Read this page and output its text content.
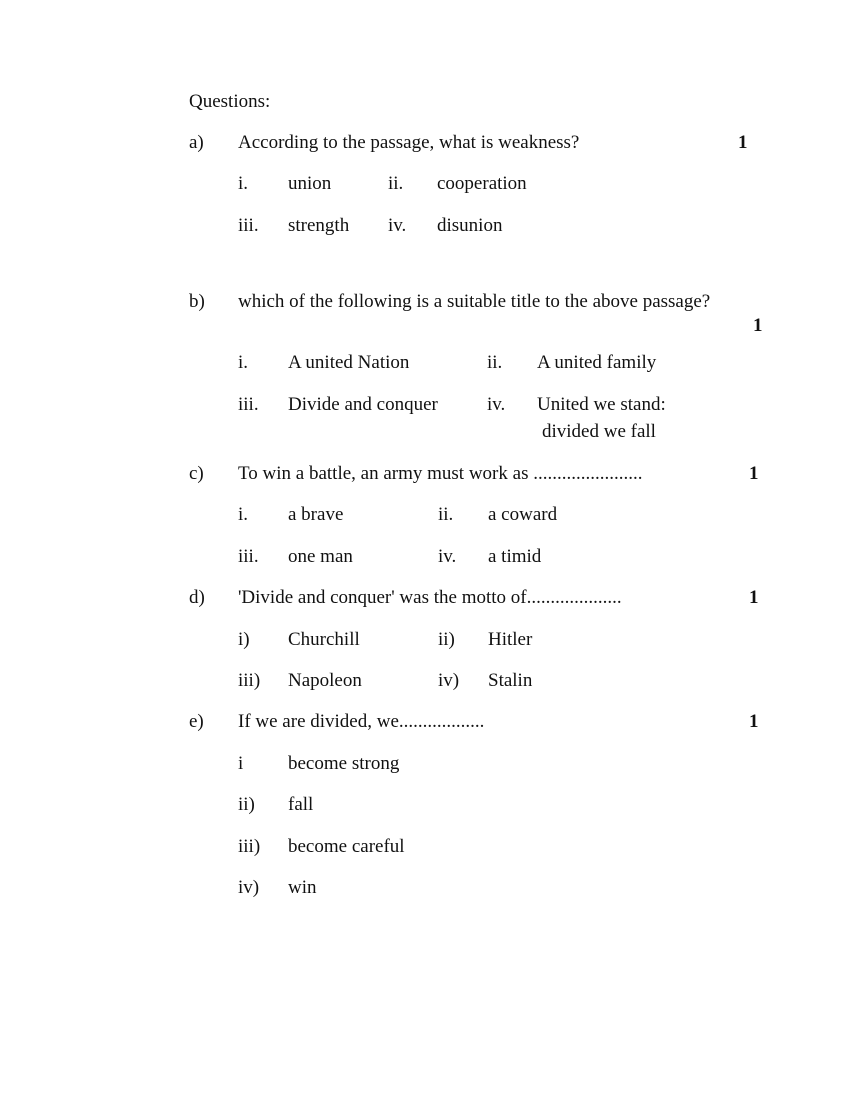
Questions:
a) According to the passage, what is weakness?	1
i. union	ii. cooperation
iii. strength iv. disunion
b) which of the following is a suitable title to the above passage?
1
i. A united Nation	ii. A united family
iii. Divide and conquer	iv. United we stand:
divided we fall
c) To win a battle, an army must work as .......................	1
i. a brave	ii. a coward
iii. one man	iv. a timid
d) 'Divide and conquer' was the motto of....................	1
i) Churchill	ii) Hitler
iii) Napoleon	iv) Stalin
e) If we are divided, we..................	1
i become strong
ii) fall
iii) become careful
iv) win
